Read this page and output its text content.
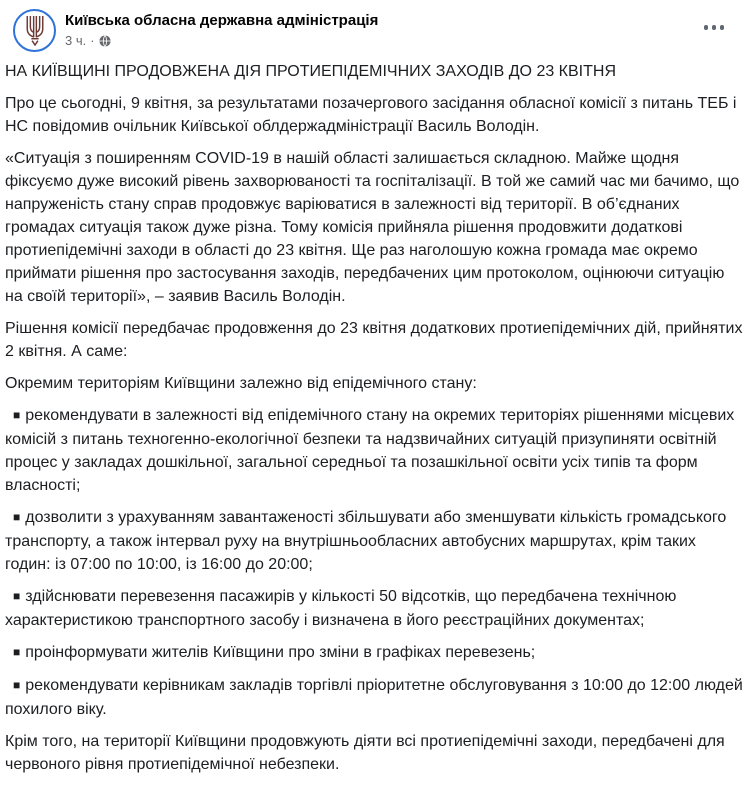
Київська обласна державна адміністрація
3 ч. ·

НА КИЇВЩИНІ ПРОДОВЖЕНА ДІЯ ПРОТИЕПІДЕМІЧНИХ ЗАХОДІВ ДО 23 КВІТНЯ

Про це сьогодні, 9 квітня, за результатами позачергового засідання обласної комісії з питань ТЕБ і НС повідомив очільник Київської облдержадміністрації Василь Володін.

«Ситуація з поширенням COVID-19 в нашій області залишається складною. Майже щодня фіксуємо дуже високий рівень захворюваності та госпіталізації. В той же самий час ми бачимо, що напруженість стану справ продовжує варіюватися в залежності від території. В об’єднаних громадах ситуація також дуже різна. Тому комісія прийняла рішення продовжити додаткові протиепідемічні заходи в області до 23 квітня. Ще раз наголошую кожна громада має окремо приймати рішення про застосування заходів, передбачених цим протоколом, оцінюючи ситуацію на своїй території», – заявив Василь Володін.

Рішення комісії передбачає продовження до 23 квітня додаткових протиепідемічних дій, прийнятих 2 квітня. А саме:

Окремим територіям Київщини залежно від епідемічного стану:

■ рекомендувати в залежності від епідемічного стану на окремих територіях рішеннями місцевих комісій з питань техногенно-екологічної безпеки та надзвичайних ситуацій призупиняти освітній процес у закладах дошкільної, загальної середньої та позашкільної освіти усіх типів та форм власності;

■ дозволити з урахуванням завантаженості збільшувати або зменшувати кількість громадського транспорту, а також інтервал руху на внутрішньообласних автобусних маршрутах, крім таких годин: із 07:00 по 10:00, із 16:00 до 20:00;

■ здійснювати перевезення пасажирів у кількості 50 відсотків, що передбачена технічною характеристикою транспортного засобу і визначена в його реєстраційних документах;

■ проінформувати жителів Київщини про зміни в графіках перевезень;

■ рекомендувати керівникам закладів торгівлі пріоритетне обслуговування з 10:00 до 12:00 людей похилого віку.

Крім того, на території Київщини продовжують діяти всі протиепідемічні заходи, передбачені для червоного рівня протиепідемічної небезпеки.
